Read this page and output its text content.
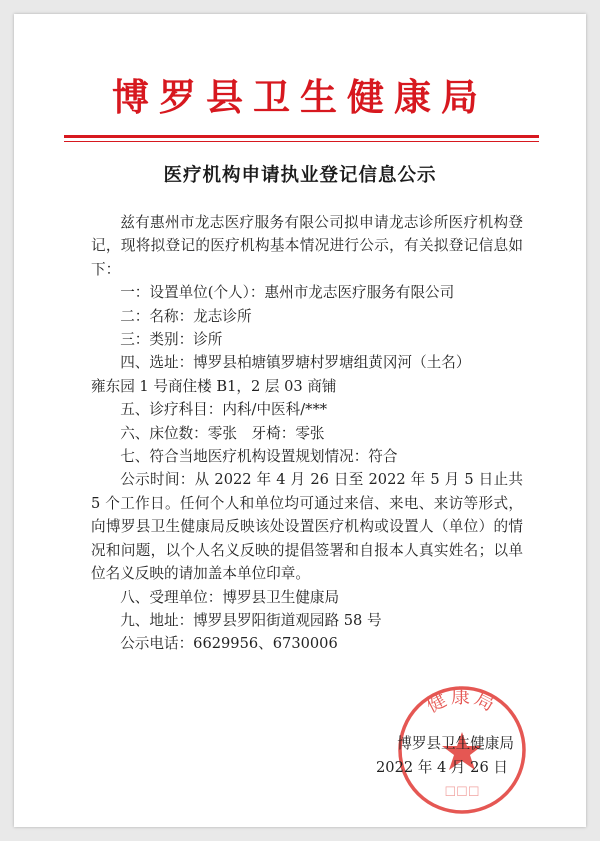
博罗县卫生健康局
医疗机构申请执业登记信息公示

兹有惠州市龙志医疗服务有限公司拟申请龙志诊所医疗机构登记，现将拟登记的医疗机构基本情况进行公示，有关拟登记信息如下：

一：设置单位(个人）：惠州市龙志医疗服务有限公司

二：名称：龙志诊所

三：类别：诊所

四、选址：博罗县柏塘镇罗塘村罗塘组黄冈河（土名）

雍东园 1 号商住楼 B1，2 层 03 商铺

五、诊疗科目：内科/中医科/***

六、床位数：零张　牙椅：零张

七、符合当地医疗机构设置规划情况：符合

公示时间：从 2022 年 4 月 26 日至 2022 年 5 月 5 日止共 5 个工作日。任何个人和单位均可通过来信、来电、来访等形式，向博罗县卫生健康局反映该处设置医疗机构或设置人（单位）的情况和问题，以个人名义反映的提倡签署和自报本人真实姓名；以单位名义反映的请加盖本单位印章。

八、受理单位：博罗县卫生健康局

九、地址：博罗县罗阳街道观园路 58 号

公示电话：6629956、6730006

健康局
☐☐☐
博罗县卫生健康局
2022 年 4 月 26 日
